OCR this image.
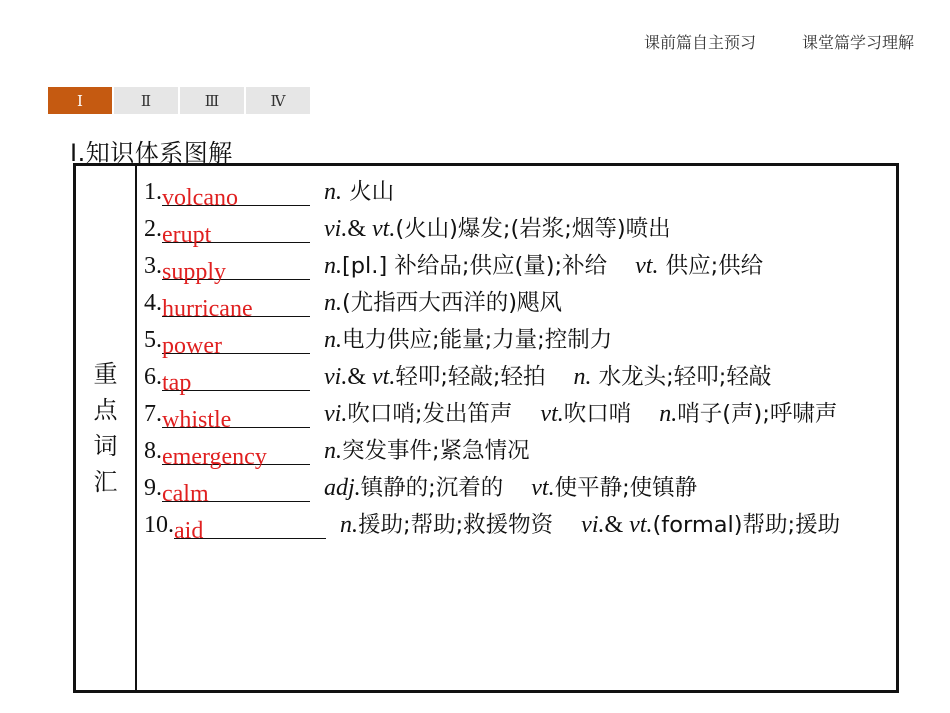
课前篇自主预习	课堂篇学习理解
Ⅰ	Ⅱ	Ⅲ	Ⅳ
Ⅰ.知识体系图解
重
点
词
汇
1.volcano	n. 火山
2.erupt	vi.& vt.(火山)爆发;(岩浆;烟等)喷出
3.supply	n.[pl.] 补给品;供应(量);补给 vt. 供应;供给
4.hurricane	n.(尤指西大西洋的)飓风
5.power	n.电力供应;能量;力量;控制力
6.tap	vi.& vt.轻叩;轻敲;轻拍 n. 水龙头;轻叩;轻敲
7.whistle	vi.吹口哨;发出笛声 vt.吹口哨 n.哨子(声);呼啸声
8.emergency n.突发事件;紧急情况
9.calm	adj.镇静的;沉着的 vt.使平静;使镇静
10.aid	n.援助;帮助;救援物资 vi.& vt.(formal)帮助;援助
